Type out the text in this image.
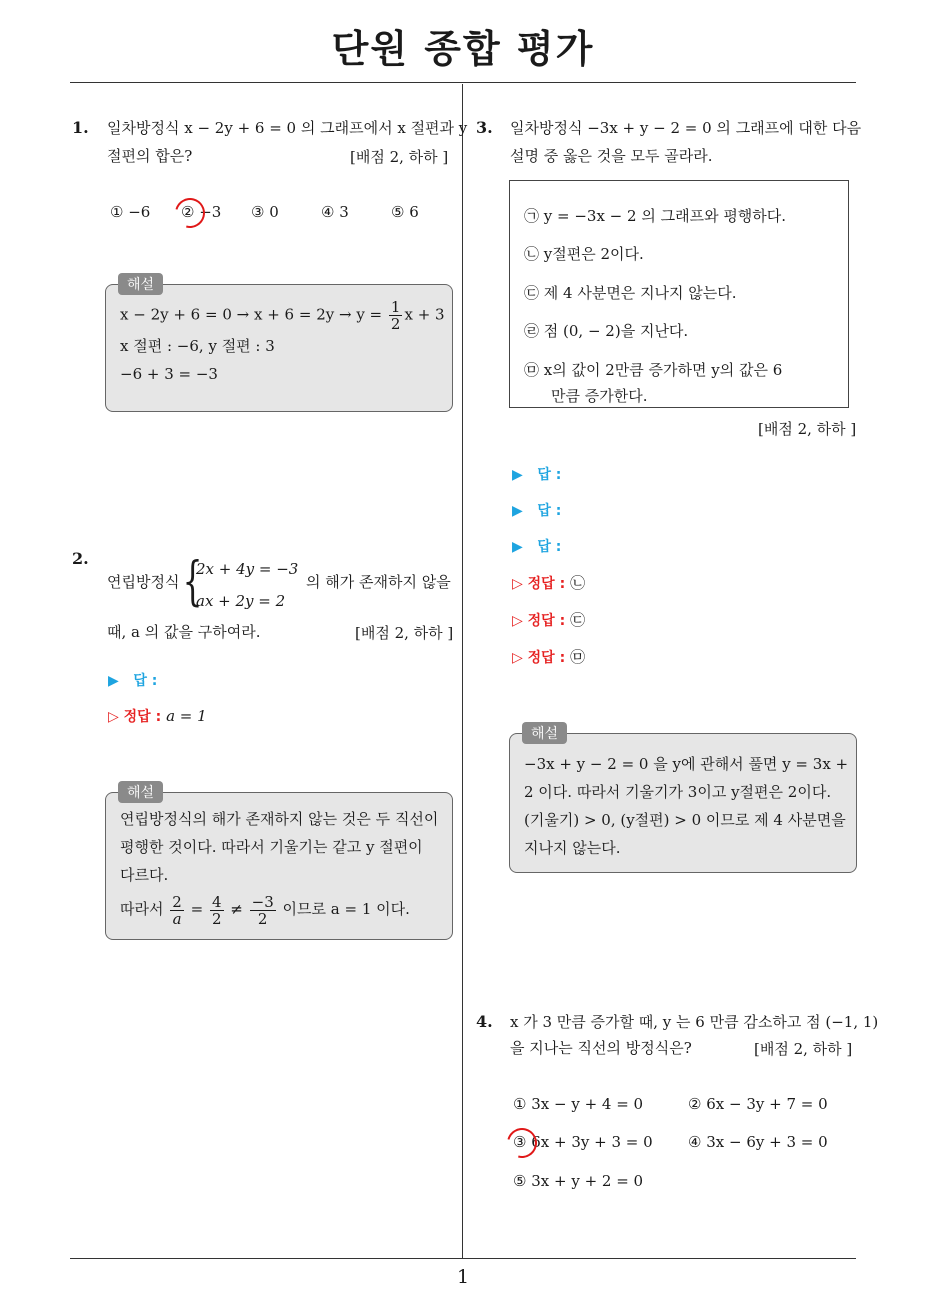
단원 종합 평가
1. 일차방정식 x − 2y + 6 = 0 의 그래프에서 x 절편과 y
절편의 합은?	[배점 2, 하하 ]
① −6 ② −3 ③ 0	④ 3	⑤ 6
$x - 2y + 6 = 0 \to x + 6 = 2y \to y = \frac{1}{2}$ x + 3
x 절편 : −6, y 절편 : 3
−6 + 3 = −3
해설
2.
연립방정식 {
2x + 4y = −3
ax + 2y = 2
의 해가 존재하지 않을
때, a 의 값을 구하여라.	[배점 2, 하하 ]
▶ 답 :
▷ 정답 : a = 1
연립방정식의 해가 존재하지 않는 것은 두 직선이
평행한 것이다. 따라서 기울기는 같고 y 절편이
다르다.
따라서 $\frac{2}{a} = \frac{4}{2} \ne \frac{-3}{2}$ 이므로 a = 1 이다.
해설
3. 일차방정식 −3x + y − 2 = 0 의 그래프에 대한 다음
설명 중 옳은 것을 모두 골라라.
㉠ y = −3x − 2 의 그래프와 평행하다.
㉡ y절편은 2이다.
㉢ 제 4 사분면은 지나지 않는다.
㉣ 점 (0, − 2)을 지난다.
㉤ x의 값이 2만큼 증가하면 y의 값은 6
만큼 증가한다.
[배점 2, 하하 ]
▶ 답 :
▶ 답 :
▶ 답 :
▷ 정답 : ㉡
▷ 정답 : ㉢
▷ 정답 : ㉤
−3x + y − 2 = 0 을 y에 관해서 풀면 y = 3x +
2 이다. 따라서 기울기가 3이고 y절편은 2이다.
(기울기) > 0, (y절편) > 0 이므로 제 4 사분면을
지나지 않는다.
해설
4. x 가 3 만큼 증가할 때, y 는 6 만큼 감소하고 점 (−1, 1)
을 지나는 직선의 방정식은?	[배점 2, 하하 ]
① 3x − y + 4 = 0	② 6x − 3y + 7 = 0
③ 6x + 3y + 3 = 0 ④ 3x − 6y + 3 = 0
⑤ 3x + y + 2 = 0
1
